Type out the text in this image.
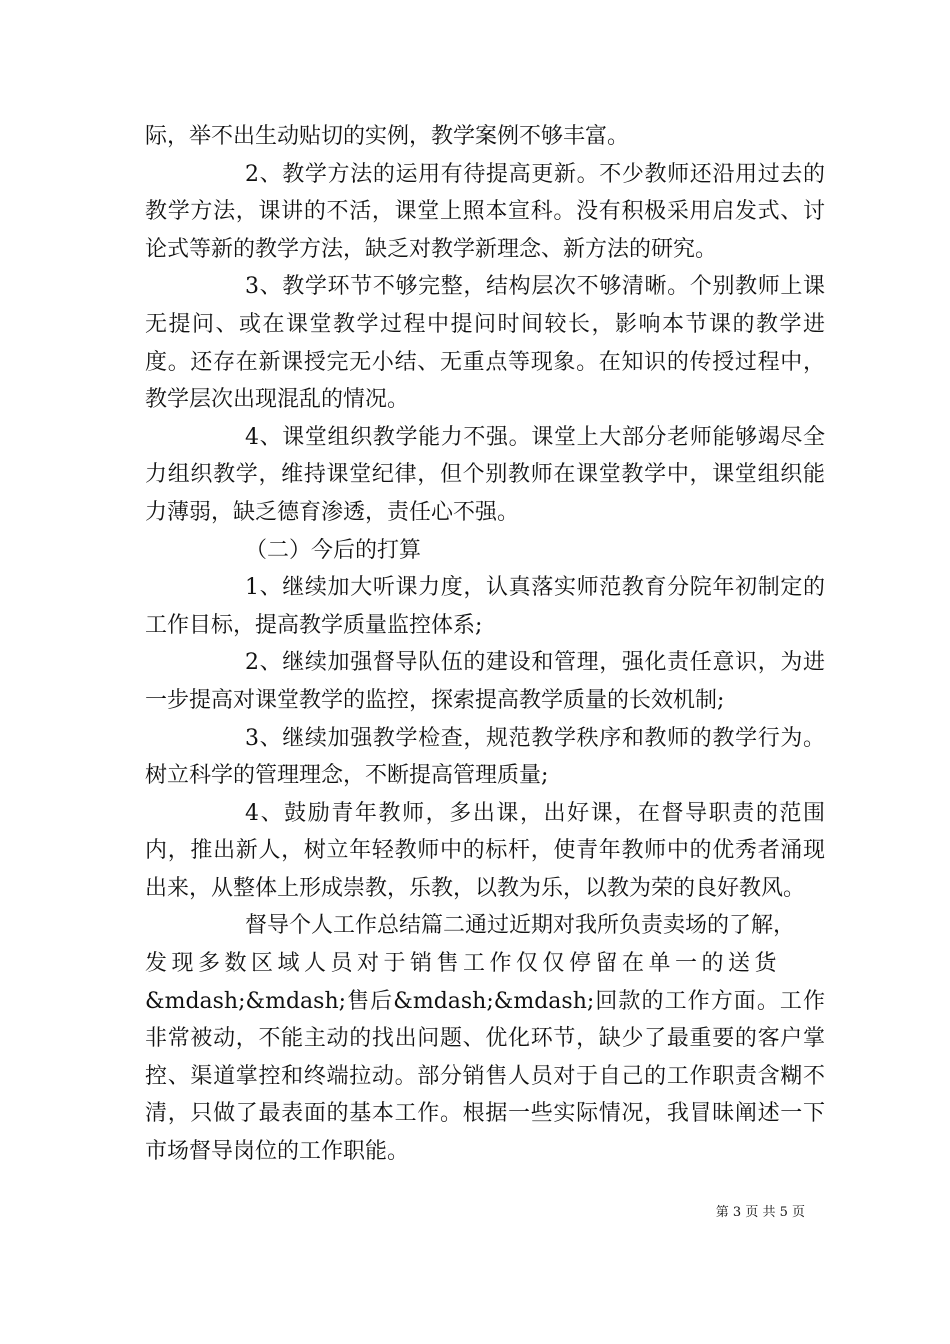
际，举不出生动贴切的实例，教学案例不够丰富。

2、教学方法的运用有待提高更新。不少教师还沿用过去的教学方法，课讲的不活，课堂上照本宣科。没有积极采用启发式、讨论式等新的教学方法，缺乏对教学新理念、新方法的研究。

3、教学环节不够完整，结构层次不够清晰。个别教师上课无提问、或在课堂教学过程中提问时间较长，影响本节课的教学进度。还存在新课授完无小结、无重点等现象。在知识的传授过程中，教学层次出现混乱的情况。

4、课堂组织教学能力不强。课堂上大部分老师能够竭尽全力组织教学，维持课堂纪律，但个别教师在课堂教学中，课堂组织能力薄弱，缺乏德育渗透，责任心不强。

（二）今后的打算

1、继续加大听课力度，认真落实师范教育分院年初制定的工作目标，提高教学质量监控体系;

2、继续加强督导队伍的建设和管理，强化责任意识，为进一步提高对课堂教学的监控，探索提高教学质量的长效机制;

3、继续加强教学检查，规范教学秩序和教师的教学行为。树立科学的管理理念，不断提高管理质量;

4、鼓励青年教师，多出课，出好课，在督导职责的范围内，推出新人，树立年轻教师中的标杆，使青年教师中的优秀者涌现出来，从整体上形成崇教，乐教，以教为乐，以教为荣的良好教风。

督导个人工作总结篇二通过近期对我所负责卖场的了解，

发现多数区域人员对于销售工作仅仅停留在单一的送货

&mdash;&mdash;售后&mdash;&mdash;回款的工作方面。工作非常被动，不能主动的找出问题、优化环节，缺少了最重要的客户掌控、渠道掌控和终端拉动。部分销售人员对于自己的工作职责含糊不清，只做了最表面的基本工作。根据一些实际情况，我冒昧阐述一下市场督导岗位的工作职能。

第 3 页 共 5 页
